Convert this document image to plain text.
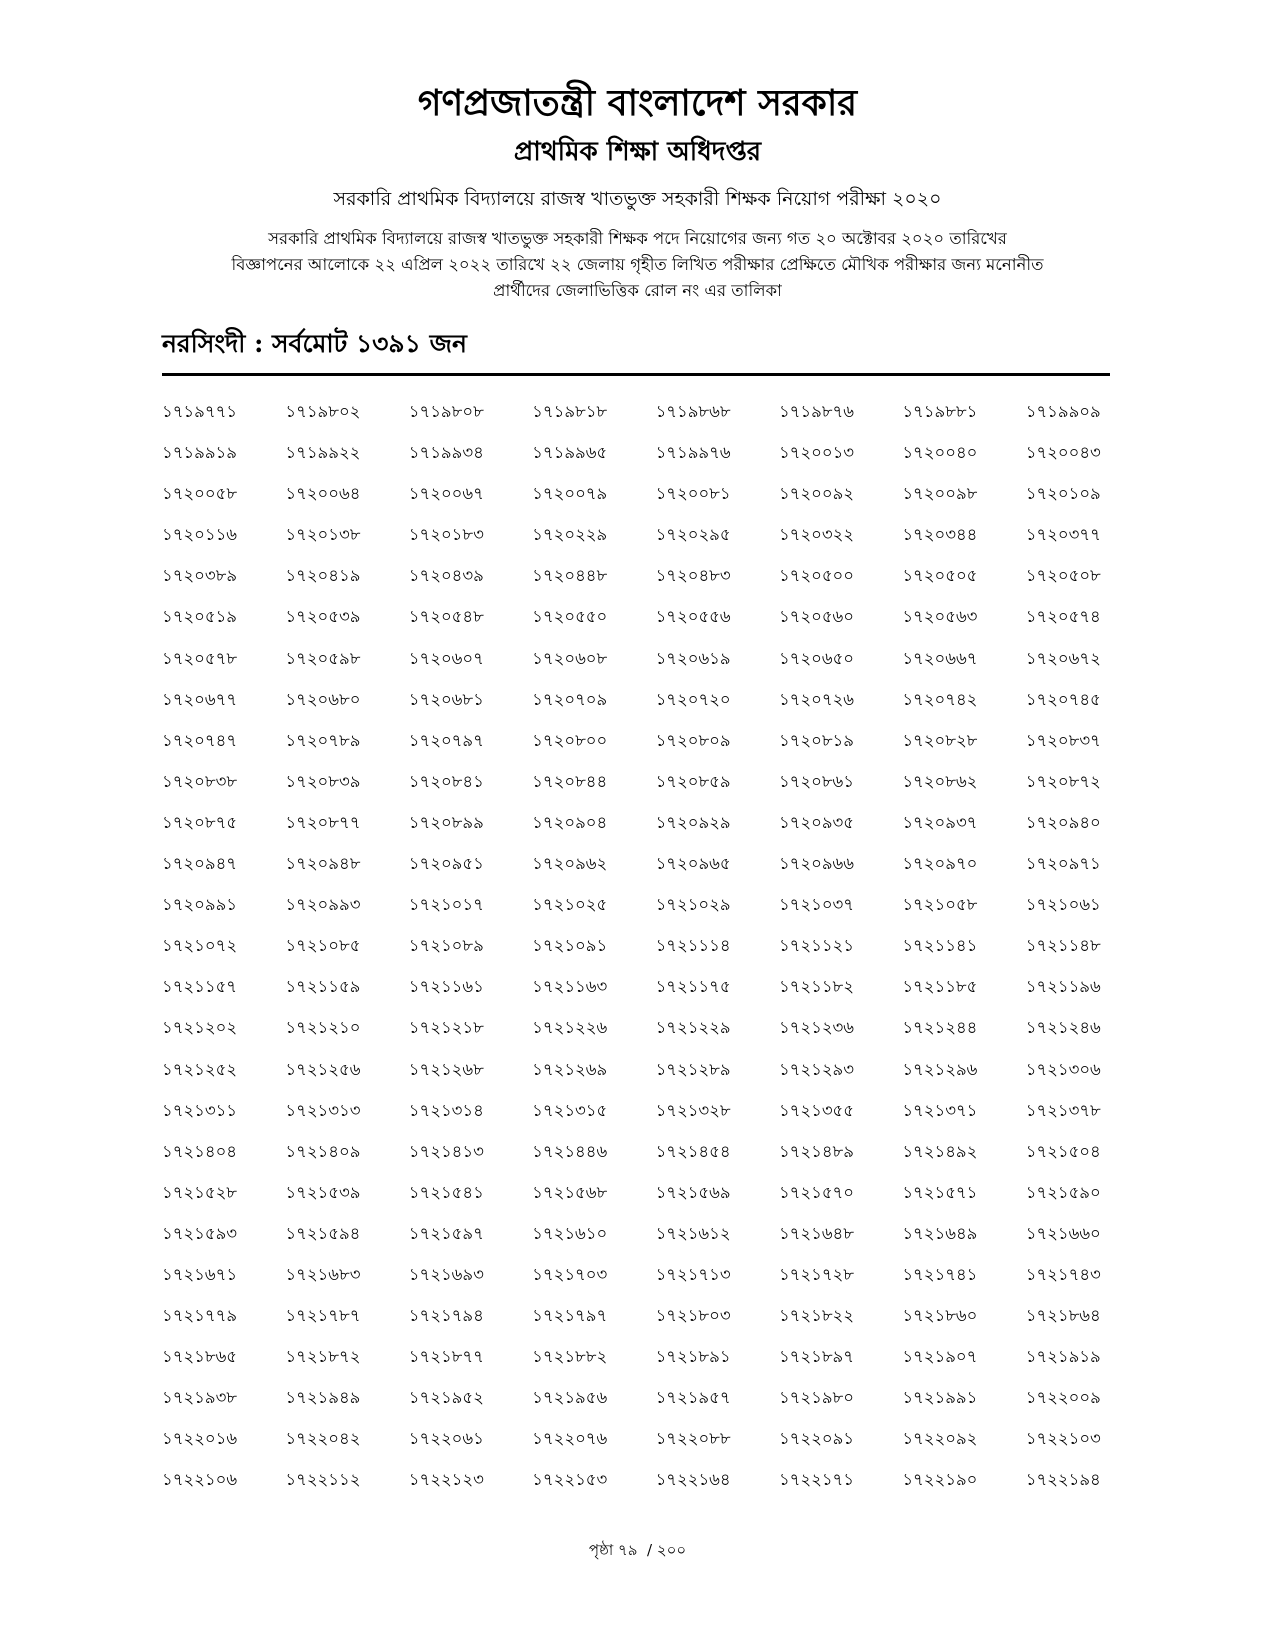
গণপ্রজাতন্ত্রী বাংলাদেশ সরকার
প্রাথমিক শিক্ষা অধিদপ্তর
সরকারি প্রাথমিক বিদ্যালয়ে রাজস্ব খাতভুক্ত সহকারী শিক্ষক নিয়োগ পরীক্ষা ২০২০
সরকারি প্রাথমিক বিদ্যালয়ে রাজস্ব খাতভুক্ত সহকারী শিক্ষক পদে নিয়োগের জন্য গত ২০ অক্টোবর ২০২০ তারিখের
বিজ্ঞাপনের আলোকে ২২ এপ্রিল ২০২২ তারিখে ২২ জেলায় গৃহীত লিখিত পরীক্ষার প্রেক্ষিতে মৌখিক পরীক্ষার জন্য মনোনীত
প্রার্থীদের জেলাভিত্তিক রোল নং এর তালিকা
নরসিংদী : সর্বমোট ১৩৯১ জন
১৭১৯৭৭১	১৭১৯৮০২	১৭১৯৮০৮	১৭১৯৮১৮	১৭১৯৮৬৮	১৭১৯৮৭৬	১৭১৯৮৮১	১৭১৯৯০৯
১৭১৯৯১৯	১৭১৯৯২২	১৭১৯৯৩৪	১৭১৯৯৬৫	১৭১৯৯৭৬	১৭২০০১৩	১৭২০০৪০	১৭২০০৪৩
১৭২০০৫৮	১৭২০০৬৪	১৭২০০৬৭	১৭২০০৭৯	১৭২০০৮১	১৭২০০৯২	১৭২০০৯৮	১৭২০১০৯
১৭২০১১৬	১৭২০১৩৮	১৭২০১৮৩	১৭২০২২৯	১৭২০২৯৫	১৭২০৩২২	১৭২০৩৪৪	১৭২০৩৭৭
১৭২০৩৮৯	১৭২০৪১৯	১৭২০৪৩৯	১৭২০৪৪৮	১৭২০৪৮৩	১৭২০৫০০	১৭২০৫০৫	১৭২০৫০৮
১৭২০৫১৯	১৭২০৫৩৯	১৭২০৫৪৮	১৭২০৫৫০	১৭২০৫৫৬	১৭২০৫৬০	১৭২০৫৬৩	১৭২০৫৭৪
১৭২০৫৭৮	১৭২০৫৯৮	১৭২০৬০৭	১৭২০৬০৮	১৭২০৬১৯	১৭২০৬৫০	১৭২০৬৬৭	১৭২০৬৭২
১৭২০৬৭৭	১৭২০৬৮০	১৭২০৬৮১	১৭২০৭০৯	১৭২০৭২০	১৭২০৭২৬	১৭২০৭৪২	১৭২০৭৪৫
১৭২০৭৪৭	১৭২০৭৮৯	১৭২০৭৯৭	১৭২০৮০০	১৭২০৮০৯	১৭২০৮১৯	১৭২০৮২৮	১৭২০৮৩৭
১৭২০৮৩৮	১৭২০৮৩৯	১৭২০৮৪১	১৭২০৮৪৪	১৭২০৮৫৯	১৭২০৮৬১	১৭২০৮৬২	১৭২০৮৭২
১৭২০৮৭৫	১৭২০৮৭৭	১৭২০৮৯৯	১৭২০৯০৪	১৭২০৯২৯	১৭২০৯৩৫	১৭২০৯৩৭	১৭২০৯৪০
১৭২০৯৪৭	১৭২০৯৪৮	১৭২০৯৫১	১৭২০৯৬২	১৭২০৯৬৫	১৭২০৯৬৬	১৭২০৯৭০	১৭২০৯৭১
১৭২০৯৯১	১৭২০৯৯৩	১৭২১০১৭	১৭২১০২৫	১৭২১০২৯	১৭২১০৩৭	১৭২১০৫৮	১৭২১০৬১
১৭২১০৭২	১৭২১০৮৫	১৭২১০৮৯	১৭২১০৯১	১৭২১১১৪	১৭২১১২১	১৭২১১৪১	১৭২১১৪৮
১৭২১১৫৭	১৭২১১৫৯	১৭২১১৬১	১৭২১১৬৩	১৭২১১৭৫	১৭২১১৮২	১৭২১১৮৫	১৭২১১৯৬
১৭২১২০২	১৭২১২১০	১৭২১২১৮	১৭২১২২৬	১৭২১২২৯	১৭২১২৩৬	১৭২১২৪৪	১৭২১২৪৬
১৭২১২৫২	১৭২১২৫৬	১৭২১২৬৮	১৭২১২৬৯	১৭২১২৮৯	১৭২১২৯৩	১৭২১২৯৬	১৭২১৩০৬
১৭২১৩১১	১৭২১৩১৩	১৭২১৩১৪	১৭২১৩১৫	১৭২১৩২৮	১৭২১৩৫৫	১৭২১৩৭১	১৭২১৩৭৮
১৭২১৪০৪	১৭২১৪০৯	১৭২১৪১৩	১৭২১৪৪৬	১৭২১৪৫৪	১৭২১৪৮৯	১৭২১৪৯২	১৭২১৫০৪
১৭২১৫২৮	১৭২১৫৩৯	১৭২১৫৪১	১৭২১৫৬৮	১৭২১৫৬৯	১৭২১৫৭০	১৭২১৫৭১	১৭২১৫৯০
১৭২১৫৯৩	১৭২১৫৯৪	১৭২১৫৯৭	১৭২১৬১০	১৭২১৬১২	১৭২১৬৪৮	১৭২১৬৪৯	১৭২১৬৬০
১৭২১৬৭১	১৭২১৬৮৩	১৭২১৬৯৩	১৭২১৭০৩	১৭২১৭১৩	১৭২১৭২৮	১৭২১৭৪১	১৭২১৭৪৩
১৭২১৭৭৯	১৭২১৭৮৭	১৭২১৭৯৪	১৭২১৭৯৭	১৭২১৮০৩	১৭২১৮২২	১৭২১৮৬০	১৭২১৮৬৪
১৭২১৮৬৫	১৭২১৮৭২	১৭২১৮৭৭	১৭২১৮৮২	১৭২১৮৯১	১৭২১৮৯৭	১৭২১৯০৭	১৭২১৯১৯
১৭২১৯৩৮	১৭২১৯৪৯	১৭২১৯৫২	১৭২১৯৫৬	১৭২১৯৫৭	১৭২১৯৮০	১৭২১৯৯১	১৭২২০০৯
১৭২২০১৬	১৭২২০৪২	১৭২২০৬১	১৭২২০৭৬	১৭২২০৮৮	১৭২২০৯১	১৭২২০৯২	১৭২২১০৩
১৭২২১০৬	১৭২২১১২	১৭২২১২৩	১৭২২১৫৩	১৭২২১৬৪	১৭২২১৭১	১৭২২১৯০	১৭২২১৯৪
পৃষ্ঠা ৭৯  / ২০০
